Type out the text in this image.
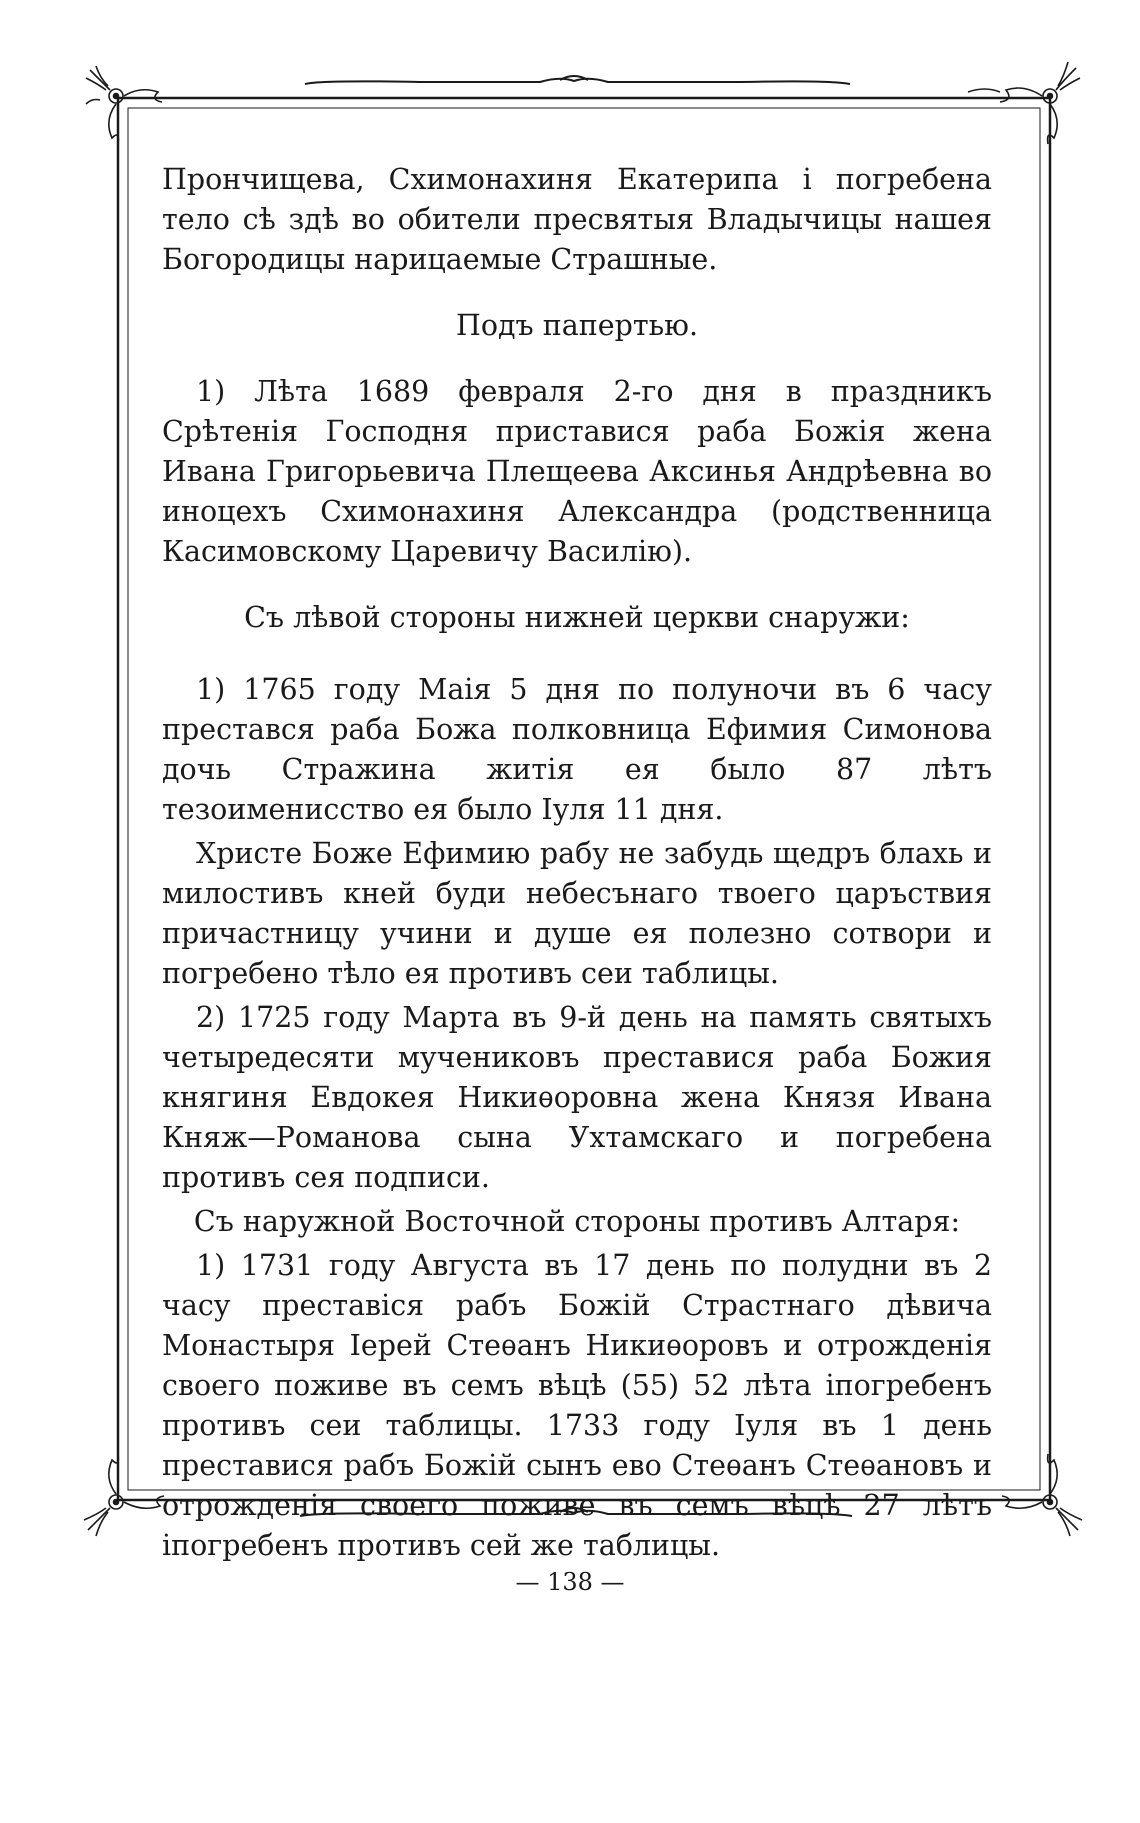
Прончищева, Схимонахиня Екатерипа і погребена тело сѣ здѣ во обители пресвятыя Владычицы нашея Богородицы нарицаемые Страшные.

Подъ папертью.

1) Лѣта 1689 февраля 2-го дня в праздникъ Срѣтенія Господня приставися раба Божія жена Ивана Григорьевича Плещеева Аксинья Андрѣевна во иноцехъ Схимонахиня Александра (родственница Касимовскому Царевичу Василію).

Съ лѣвой стороны нижней церкви снаружи:

1) 1765 году Маія 5 дня по полуночи въ 6 часу престався раба Божа полковница Ефимия Симонова дочь Стражина житія ея было 87 лѣтъ тезоименисство ея было Іуля 11 дня.

Христе Боже Ефимию рабу не забудь щедръ блахь и милостивъ кней буди небесънаго твоего царъствия причастницу учини и душе ея полезно сотвори и погребено тѣло ея противъ сеи таблицы.

2) 1725 году Марта въ 9-й день на память святыхъ четыредесяти мучениковъ преставися раба Божия княгиня Евдокея Никиѳоровна жена Князя Ивана Княж—Романова сына Ухтамскаго и погребена противъ сея подписи.

Съ наружной Восточной стороны противъ Алтаря:

1) 1731 году Августа въ 17 день по полудни въ 2 часу преставіся рабъ Божій Страстнаго дѣвича Монастыря Іерей Стеѳанъ Никиѳоровъ и отрожденія своего поживе въ семъ вѣцѣ (55) 52 лѣта іпогребенъ противъ сеи таблицы. 1733 году Іуля въ 1 день преставися рабъ Божій сынъ ево Стеѳанъ Стеѳановъ и отрожденія своего поживе въ семъ вѣцѣ 27 лѣтъ іпогребенъ противъ сей же таблицы.

— 138 —
